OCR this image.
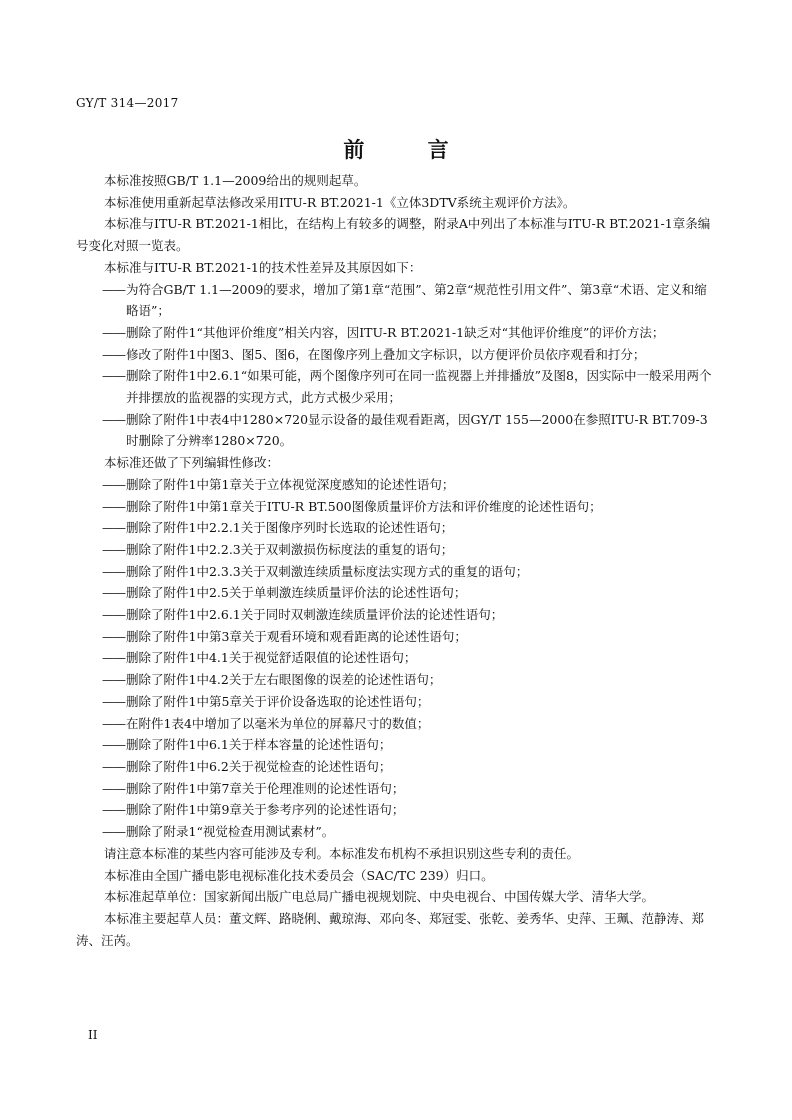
GY/T 314—2017
前 言

本标准按照GB/T 1.1—2009给出的规则起草。

本标准使用重新起草法修改采用ITU-R BT.2021-1《立体3DTV系统主观评价方法》。

本标准与ITU-R BT.2021-1相比，在结构上有较多的调整，附录A中列出了本标准与ITU-R BT.2021-1章条编号变化对照一览表。

本标准与ITU-R BT.2021-1的技术性差异及其原因如下：

——为符合GB/T 1.1—2009的要求，增加了第1章“范围”、第2章“规范性引用文件”、第3章“术语、定义和缩略语”；

——删除了附件1“其他评价维度”相关内容，因ITU-R BT.2021-1缺乏对“其他评价维度”的评价方法；

——修改了附件1中图3、图5、图6，在图像序列上叠加文字标识，以方便评价员依序观看和打分；

——删除了附件1中2.6.1“如果可能，两个图像序列可在同一监视器上并排播放”及图8，因实际中一般采用两个并排摆放的监视器的实现方式，此方式极少采用；

——删除了附件1中表4中1280×720显示设备的最佳观看距离，因GY/T 155—2000在参照ITU-R BT.709-3时删除了分辨率1280×720。

本标准还做了下列编辑性修改：

——删除了附件1中第1章关于立体视觉深度感知的论述性语句；

——删除了附件1中第1章关于ITU-R BT.500图像质量评价方法和评价维度的论述性语句；

——删除了附件1中2.2.1关于图像序列时长选取的论述性语句；

——删除了附件1中2.2.3关于双刺激损伤标度法的重复的语句；

——删除了附件1中2.3.3关于双刺激连续质量标度法实现方式的重复的语句；

——删除了附件1中2.5关于单刺激连续质量评价法的论述性语句；

——删除了附件1中2.6.1关于同时双刺激连续质量评价法的论述性语句；

——删除了附件1中第3章关于观看环境和观看距离的论述性语句；

——删除了附件1中4.1关于视觉舒适限值的论述性语句；

——删除了附件1中4.2关于左右眼图像的误差的论述性语句；

——删除了附件1中第5章关于评价设备选取的论述性语句；

——在附件1表4中增加了以毫米为单位的屏幕尺寸的数值；

——删除了附件1中6.1关于样本容量的论述性语句；

——删除了附件1中6.2关于视觉检查的论述性语句；

——删除了附件1中第7章关于伦理准则的论述性语句；

——删除了附件1中第9章关于参考序列的论述性语句；

——删除了附录1“视觉检查用测试素材”。

请注意本标准的某些内容可能涉及专利。本标准发布机构不承担识别这些专利的责任。

本标准由全国广播电影电视标准化技术委员会（SAC/TC 239）归口。

本标准起草单位：国家新闻出版广电总局广播电视规划院、中央电视台、中国传媒大学、清华大学。

本标准主要起草人员：董文辉、路晓俐、戴琼海、邓向冬、郑冠雯、张乾、姜秀华、史萍、王珮、范静涛、郑涛、汪芮。

II
